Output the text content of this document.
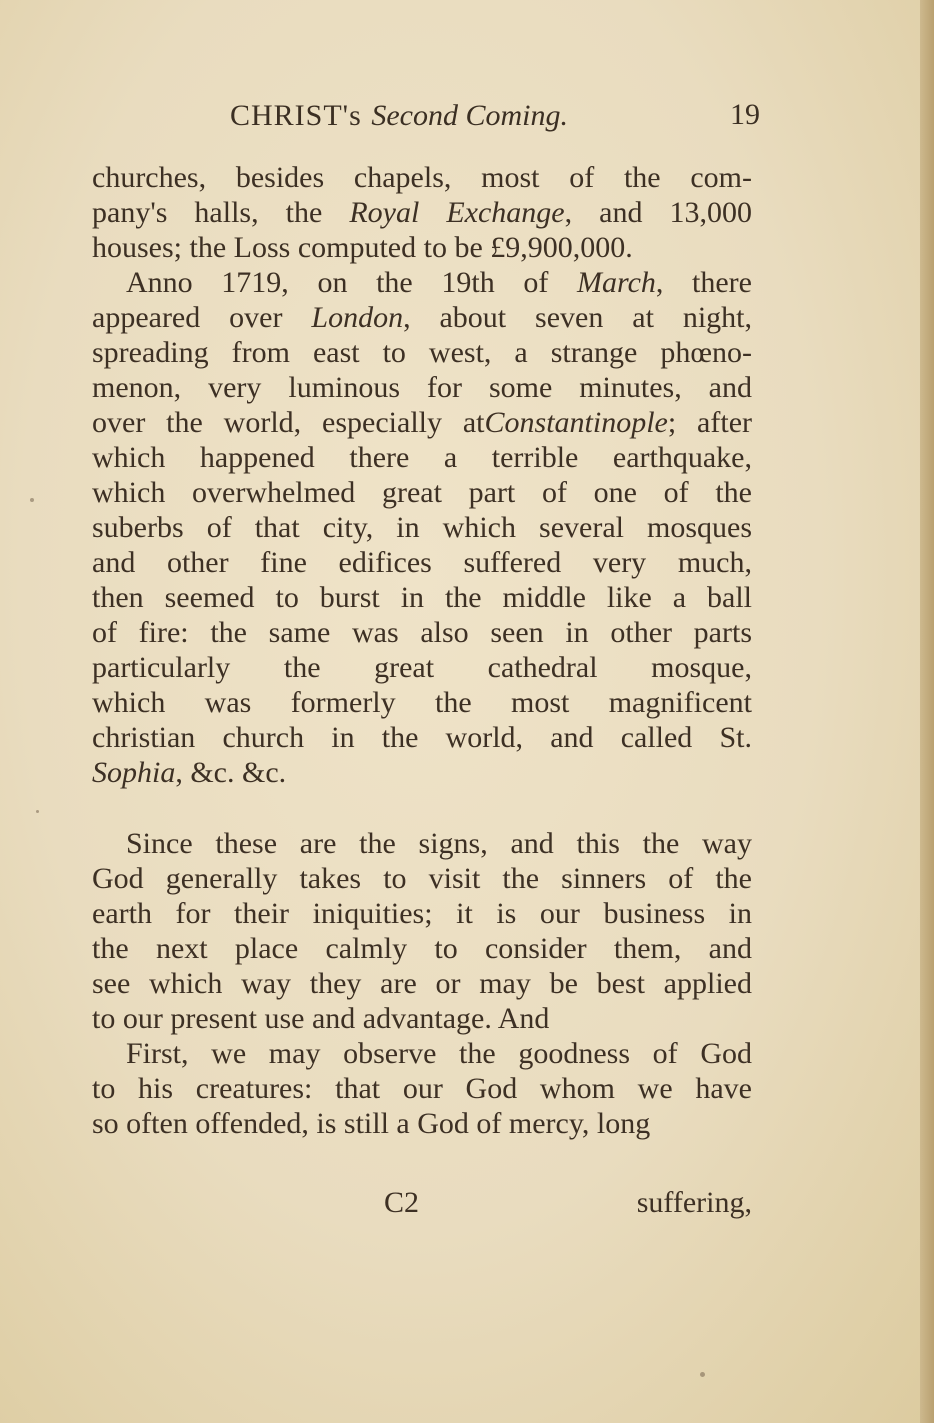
CHRIST's Second Coming.	19
churches, besides chapels, most of the com-
pany's halls, the Royal Exchange, and 13,000
houses; the Loss computed to be £9,900,000.
Anno 1719, on the 19th of March, there
appeared over London, about seven at night,
spreading from east to west, a strange phœno-
menon, very luminous for some minutes, and
over the world, especially atConstantinople; after
which happened there a terrible earthquake,
which overwhelmed great part of one of the
suberbs of that city, in which several mosques
and other fine edifices suffered very much,
then seemed to burst in the middle like a ball
of fire: the same was also seen in other parts
particularly the great cathedral mosque,
which was formerly the most magnificent
christian church in the world, and called St.
Sophia, &c. &c.
Since these are the signs, and this the way
God generally takes to visit the sinners of the
earth for their iniquities; it is our business in
the next place calmly to consider them, and
see which way they are or may be best applied
to our present use and advantage. And
First, we may observe the goodness of God
to his creatures: that our God whom we have
so often offended, is still a God of mercy, long
C2	suffering,
